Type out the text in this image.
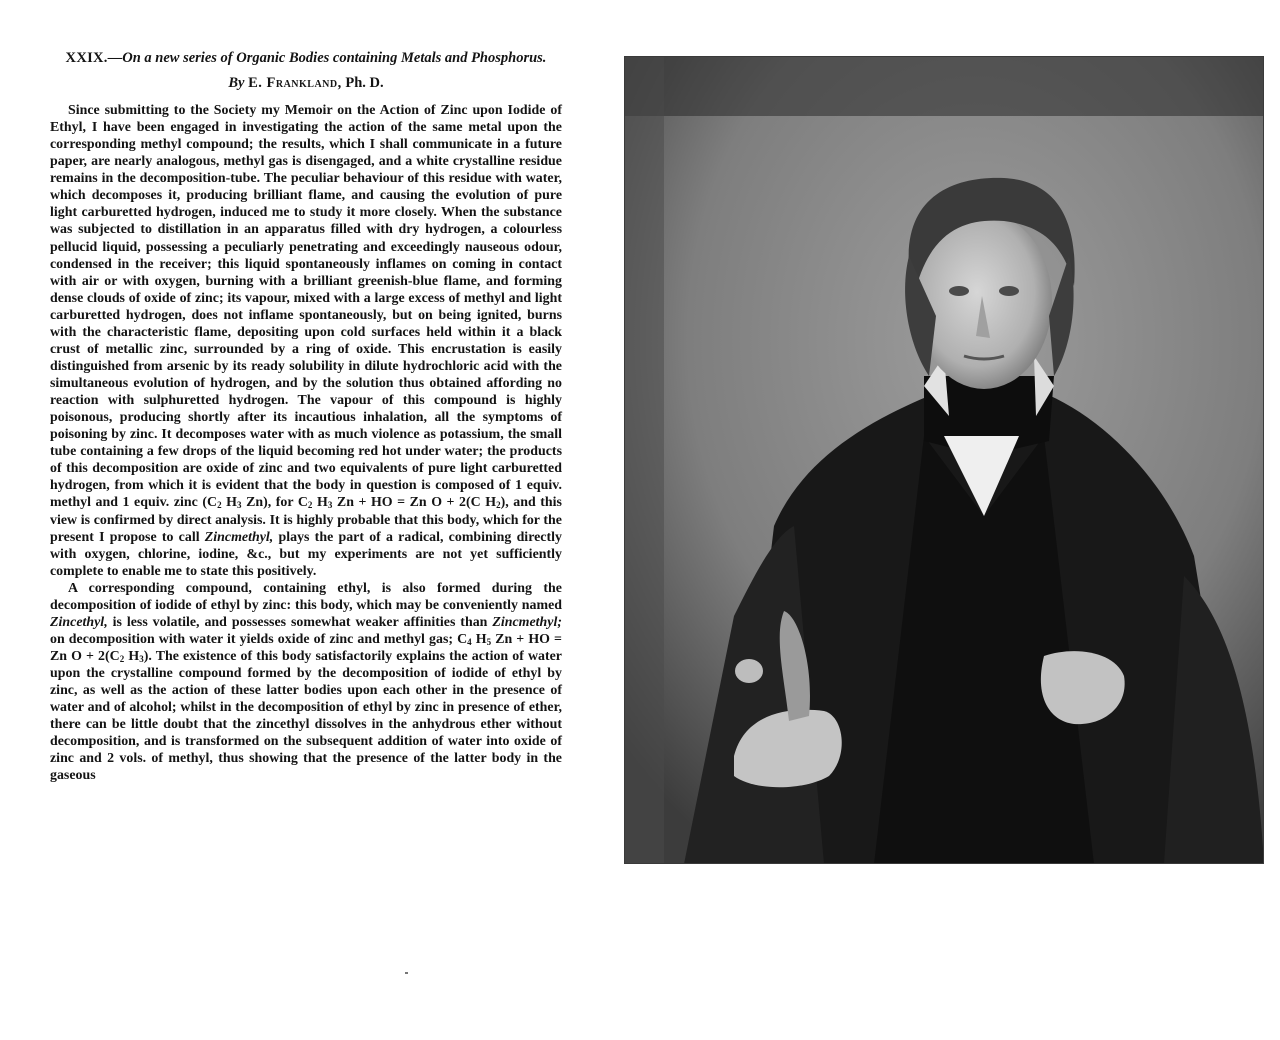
XXIX.—On a new series of Organic Bodies containing Metals and Phosphorus.

By E. Frankland, Ph. D.

Since submitting to the Society my Memoir on the Action of Zinc upon Iodide of Ethyl, I have been engaged in investigating the action of the same metal upon the corresponding methyl compound; the results, which I shall communicate in a future paper, are nearly analogous, methyl gas is disengaged, and a white crystalline residue remains in the decomposition-tube. The peculiar behaviour of this residue with water, which decomposes it, producing brilliant flame, and causing the evolution of pure light carburetted hydrogen, induced me to study it more closely. When the substance was subjected to distillation in an apparatus filled with dry hydrogen, a colourless pellucid liquid, possessing a peculiarly penetrating and exceedingly nauseous odour, condensed in the receiver; this liquid spontaneously inflames on coming in contact with air or with oxygen, burning with a brilliant greenish-blue flame, and forming dense clouds of oxide of zinc; its vapour, mixed with a large excess of methyl and light carburetted hydrogen, does not inflame spontaneously, but on being ignited, burns with the characteristic flame, depositing upon cold surfaces held within it a black crust of metallic zinc, surrounded by a ring of oxide. This encrustation is easily distinguished from arsenic by its ready solubility in dilute hydrochloric acid with the simultaneous evolution of hydrogen, and by the solution thus obtained affording no reaction with sulphuretted hydrogen. The vapour of this compound is highly poisonous, producing shortly after its incautious inhalation, all the symptoms of poisoning by zinc. It decomposes water with as much violence as potassium, the small tube containing a few drops of the liquid becoming red hot under water; the products of this decomposition are oxide of zinc and two equivalents of pure light carburetted hydrogen, from which it is evident that the body in question is composed of 1 equiv. methyl and 1 equiv. zinc ($C_2$ $H_3$ Zn), for $C_2$ $H_3$ Zn + HO = Zn O + 2(C $H_2$), and this view is confirmed by direct analysis. It is highly probable that this body, which for the present I propose to call Zincmethyl, plays the part of a radical, combining directly with oxygen, chlorine, iodine, &c., but my experiments are not yet sufficiently complete to enable me to state this positively.

A corresponding compound, containing ethyl, is also formed during the decomposition of iodide of ethyl by zinc: this body, which may be conveniently named Zincethyl, is less volatile, and possesses somewhat weaker affinities than Zincmethyl; on decomposition with water it yields oxide of zinc and methyl gas; $C_4$ $H_5$ Zn + HO = Zn $O + 2(C_2$ $H_3$). The existence of this body satisfactorily explains the action of water upon the crystalline compound formed by the decomposition of iodide of ethyl by zinc, as well as the action of these latter bodies upon each other in the presence of water and of alcohol; whilst in the decomposition of ethyl by zinc in presence of ether, there can be little doubt that the zincethyl dissolves in the anhydrous ether without decomposition, and is transformed on the subsequent addition of water into oxide of zinc and 2 vols. of methyl, thus showing that the presence of the latter body in the gaseous
